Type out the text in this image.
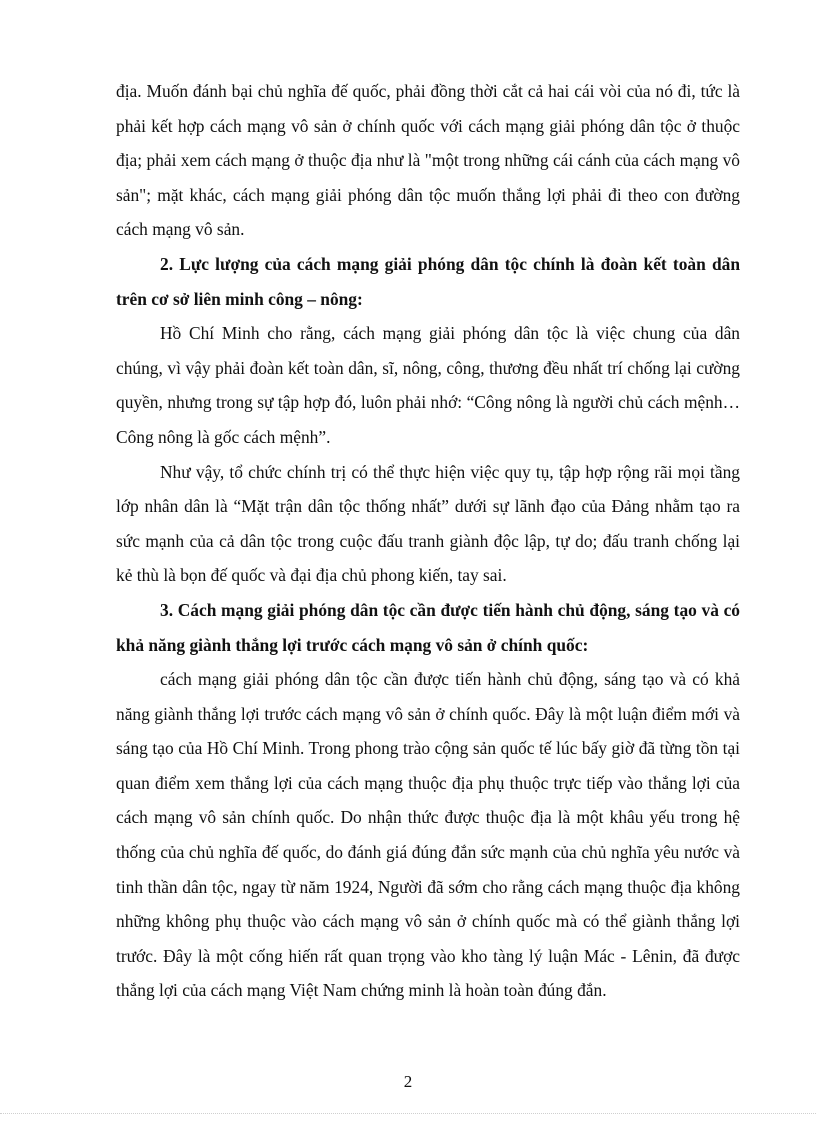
địa. Muốn đánh bại chủ nghĩa đế quốc, phải đồng thời cắt cả hai cái vòi của nó đi, tức là phải kết hợp cách mạng vô sản ở chính quốc với cách mạng giải phóng dân tộc ở thuộc địa; phải xem cách mạng ở thuộc địa như là "một trong những cái cánh của cách mạng vô sản"; mặt khác, cách mạng giải phóng dân tộc muốn thắng lợi phải đi theo con đường cách mạng vô sản.

2. Lực lượng của cách mạng giải phóng dân tộc chính là đoàn kết toàn dân trên cơ sở liên minh công – nông:

Hồ Chí Minh cho rằng, cách mạng giải phóng dân tộc là việc chung của dân chúng, vì vậy phải đoàn kết toàn dân, sĩ, nông, công, thương đều nhất trí chống lại cường quyền, nhưng trong sự tập hợp đó, luôn phải nhớ: “Công nông là người chủ cách mệnh… Công nông là gốc cách mệnh”.

Như vậy, tổ chức chính trị có thể thực hiện việc quy tụ, tập hợp rộng rãi mọi tầng lớp nhân dân là “Mặt trận dân tộc thống nhất” dưới sự lãnh đạo của Đảng nhằm tạo ra sức mạnh của cả dân tộc trong cuộc đấu tranh giành độc lập, tự do; đấu tranh chống lại kẻ thù là bọn đế quốc và đại địa chủ phong kiến, tay sai.

3. Cách mạng giải phóng dân tộc cần được tiến hành chủ động, sáng tạo và có khả năng giành thắng lợi trước cách mạng vô sản ở chính quốc:

cách mạng giải phóng dân tộc cần được tiến hành chủ động, sáng tạo và có khả năng giành thắng lợi trước cách mạng vô sản ở chính quốc. Đây là một luận điểm mới và sáng tạo của Hồ Chí Minh. Trong phong trào cộng sản quốc tế lúc bấy giờ đã từng tồn tại quan điểm xem thắng lợi của cách mạng thuộc địa phụ thuộc trực tiếp vào thắng lợi của cách mạng vô sản chính quốc. Do nhận thức được thuộc địa là một khâu yếu trong hệ thống của chủ nghĩa đế quốc, do đánh giá đúng đắn sức mạnh của chủ nghĩa yêu nước và tinh thần dân tộc, ngay từ năm 1924, Người đã sớm cho rằng cách mạng thuộc địa không những không phụ thuộc vào cách mạng vô sản ở chính quốc mà có thể giành thắng lợi trước. Đây là một cống hiến rất quan trọng vào kho tàng lý luận Mác - Lênin, đã được thắng lợi của cách mạng Việt Nam chứng minh là hoàn toàn đúng đắn.

2
